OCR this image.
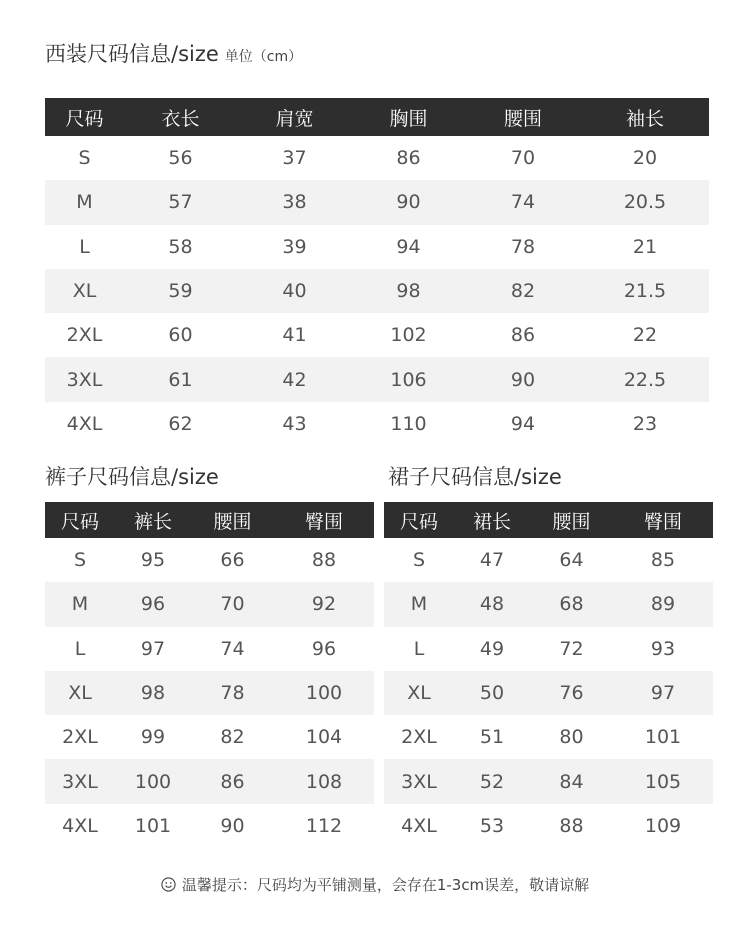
西装尺码信息/size 单位（cm）
尺码	衣长	肩宽	胸围	腰围	袖长
S	56	37	86	70	20
M	57	38	90	74	20.5
L	58	39	94	78	21
XL	59	40	98	82	21.5
2XL	60	41	102	86	22
3XL	61	42	106	90	22.5
4XL	62	43	110	94	23
裤子尺码信息/size	裙子尺码信息/size
尺码	裤长	腰围	臀围
S	95	66	88
M	96	70	92
L	97	74	96
XL	98	78	100
2XL	99	82	104
3XL	100	86	108
4XL	101	90	112
尺码	裙长	腰围	臀围
S	47	64	85
M	48	68	89
L	49	72	93
XL	50	76	97
2XL	51	80	101
3XL	52	84	105
4XL	53	88	109
温馨提示：尺码均为平铺测量，会存在1-3cm误差，敬请谅解
